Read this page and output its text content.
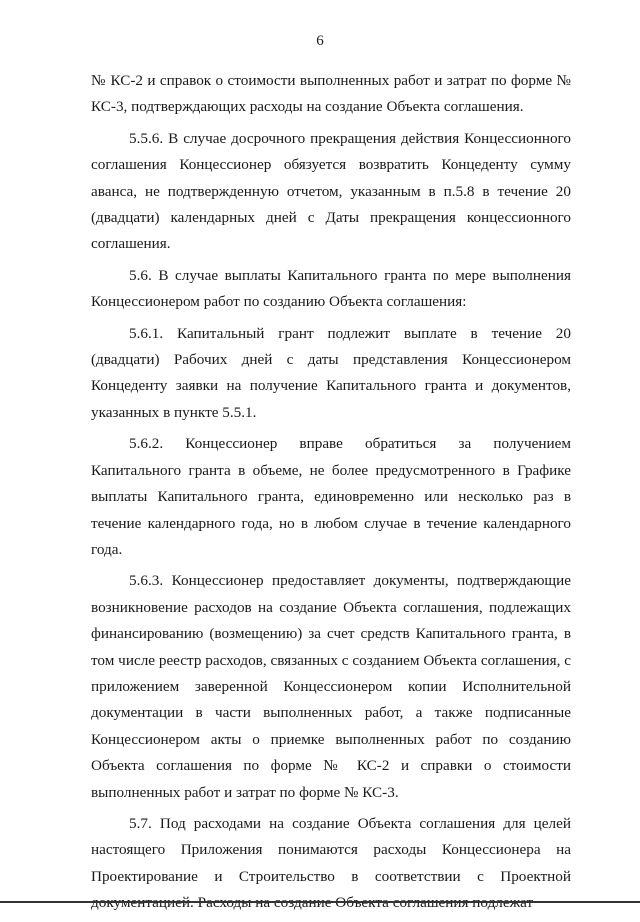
6

№ КС-2 и справок о стоимости выполненных работ и затрат по форме № КС-3, подтверждающих расходы на создание Объекта соглашения.

5.5.6. В случае досрочного прекращения действия Концессионного соглашения Концессионер обязуется возвратить Концеденту сумму аванса, не подтвержденную отчетом, указанным в п.5.8 в течение 20 (двадцати) календарных дней с Даты прекращения концессионного соглашения.

5.6. В случае выплаты Капитального гранта по мере выполнения Концессионером работ по созданию Объекта соглашения:

5.6.1. Капитальный грант подлежит выплате в течение 20 (двадцати) Рабочих дней с даты представления Концессионером Концеденту заявки на получение Капитального гранта и документов, указанных в пункте 5.5.1.

5.6.2. Концессионер вправе обратиться за получением Капитального гранта в объеме, не более предусмотренного в Графике выплаты Капитального гранта, единовременно или несколько раз в течение календарного года, но в любом случае в течение календарного года.

5.6.3. Концессионер предоставляет документы, подтверждающие возникновение расходов на создание Объекта соглашения, подлежащих финансированию (возмещению) за счет средств Капитального гранта, в том числе реестр расходов, связанных с созданием Объекта соглашения, с приложением заверенной Концессионером копии Исполнительной документации в части выполненных работ, а также подписанные Концессионером акты о приемке выполненных работ по созданию Объекта соглашения по форме № КС-2 и справки о стоимости выполненных работ и затрат по форме № КС-3.

5.7. Под расходами на создание Объекта соглашения для целей настоящего Приложения понимаются расходы Концессионера на Проектирование и Строительство в соответствии с Проектной
